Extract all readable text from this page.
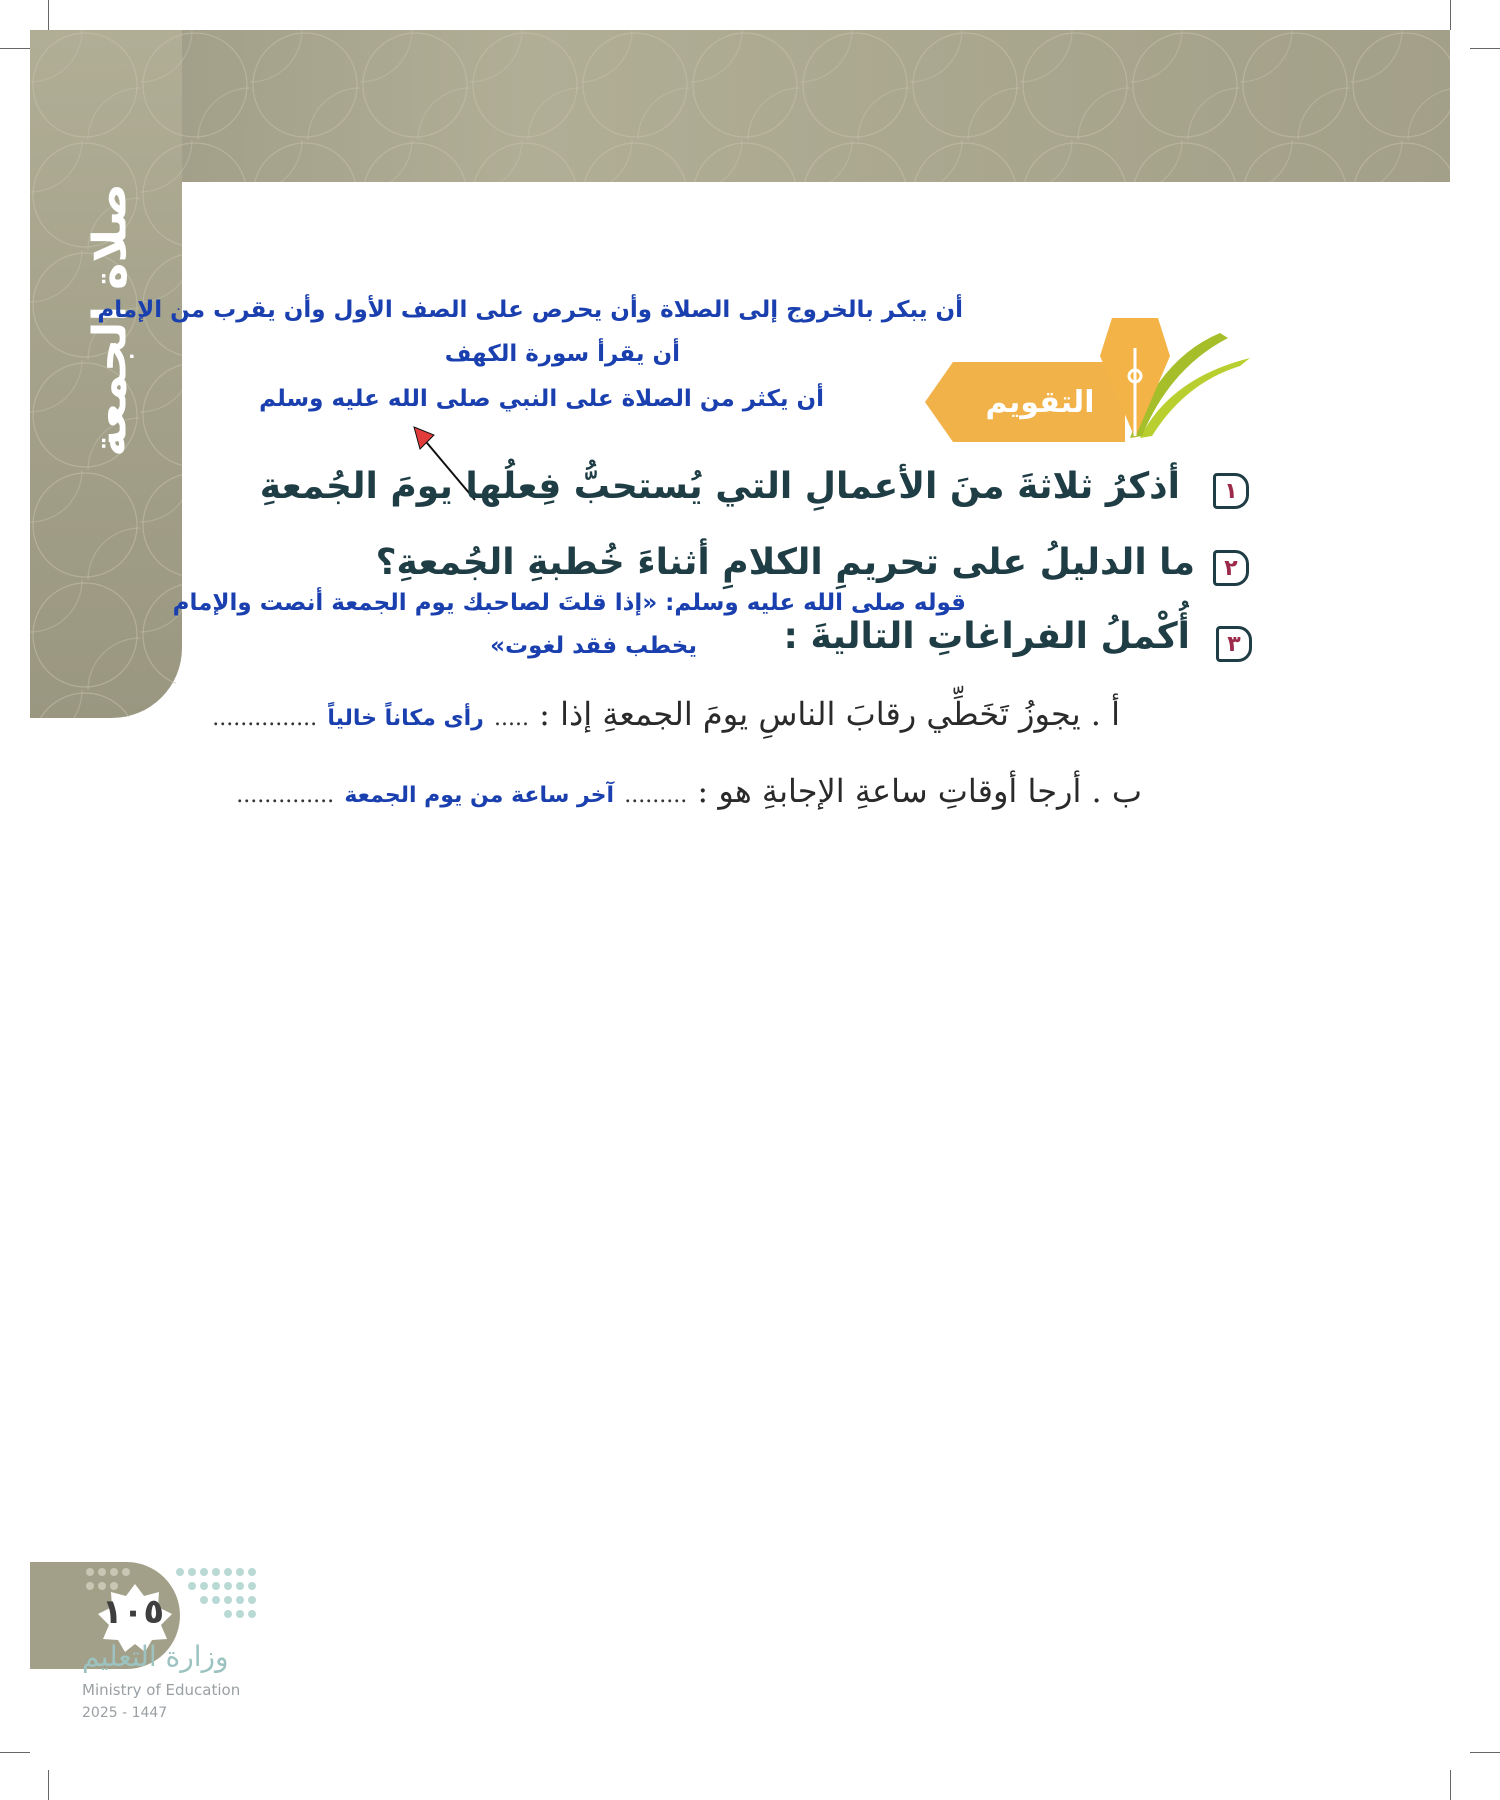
صلاة الجمعة	التقويم
أن يبكر بالخروج إلى الصلاة وأن يحرص على الصف الأول وأن يقرب من الإمام
أن يقرأ سورة الكهف
أن يكثر من الصلاة على النبي صلى الله عليه وسلم
١
أذكرُ ثلاثةَ منَ الأعمالِ التي يُستحبُّ فِعلُها يومَ الجُمعةِ
٢
ما الدليلُ على تحريمِ الكلامِ أثناءَ خُطبةِ الجُمعةِ؟
قوله صلى الله عليه وسلم: «إذا قلتَ لصاحبك يوم الجمعة أنصت والإمام
يخطب فقد لغوت»	٣
أُكْملُ الفراغاتِ التاليةَ :
أ . يجوزُ تَخَطِّي رقابَ الناسِ يومَ الجمعةِ إذا : ..... رأى مكاناً خالياً ...............
ب . أرجا أوقاتِ ساعةِ الإجابةِ هو : ......... آخر ساعة من يوم الجمعة ..............
١٠٥
وزارة التعليم
Ministry of Education
2025 - 1447
